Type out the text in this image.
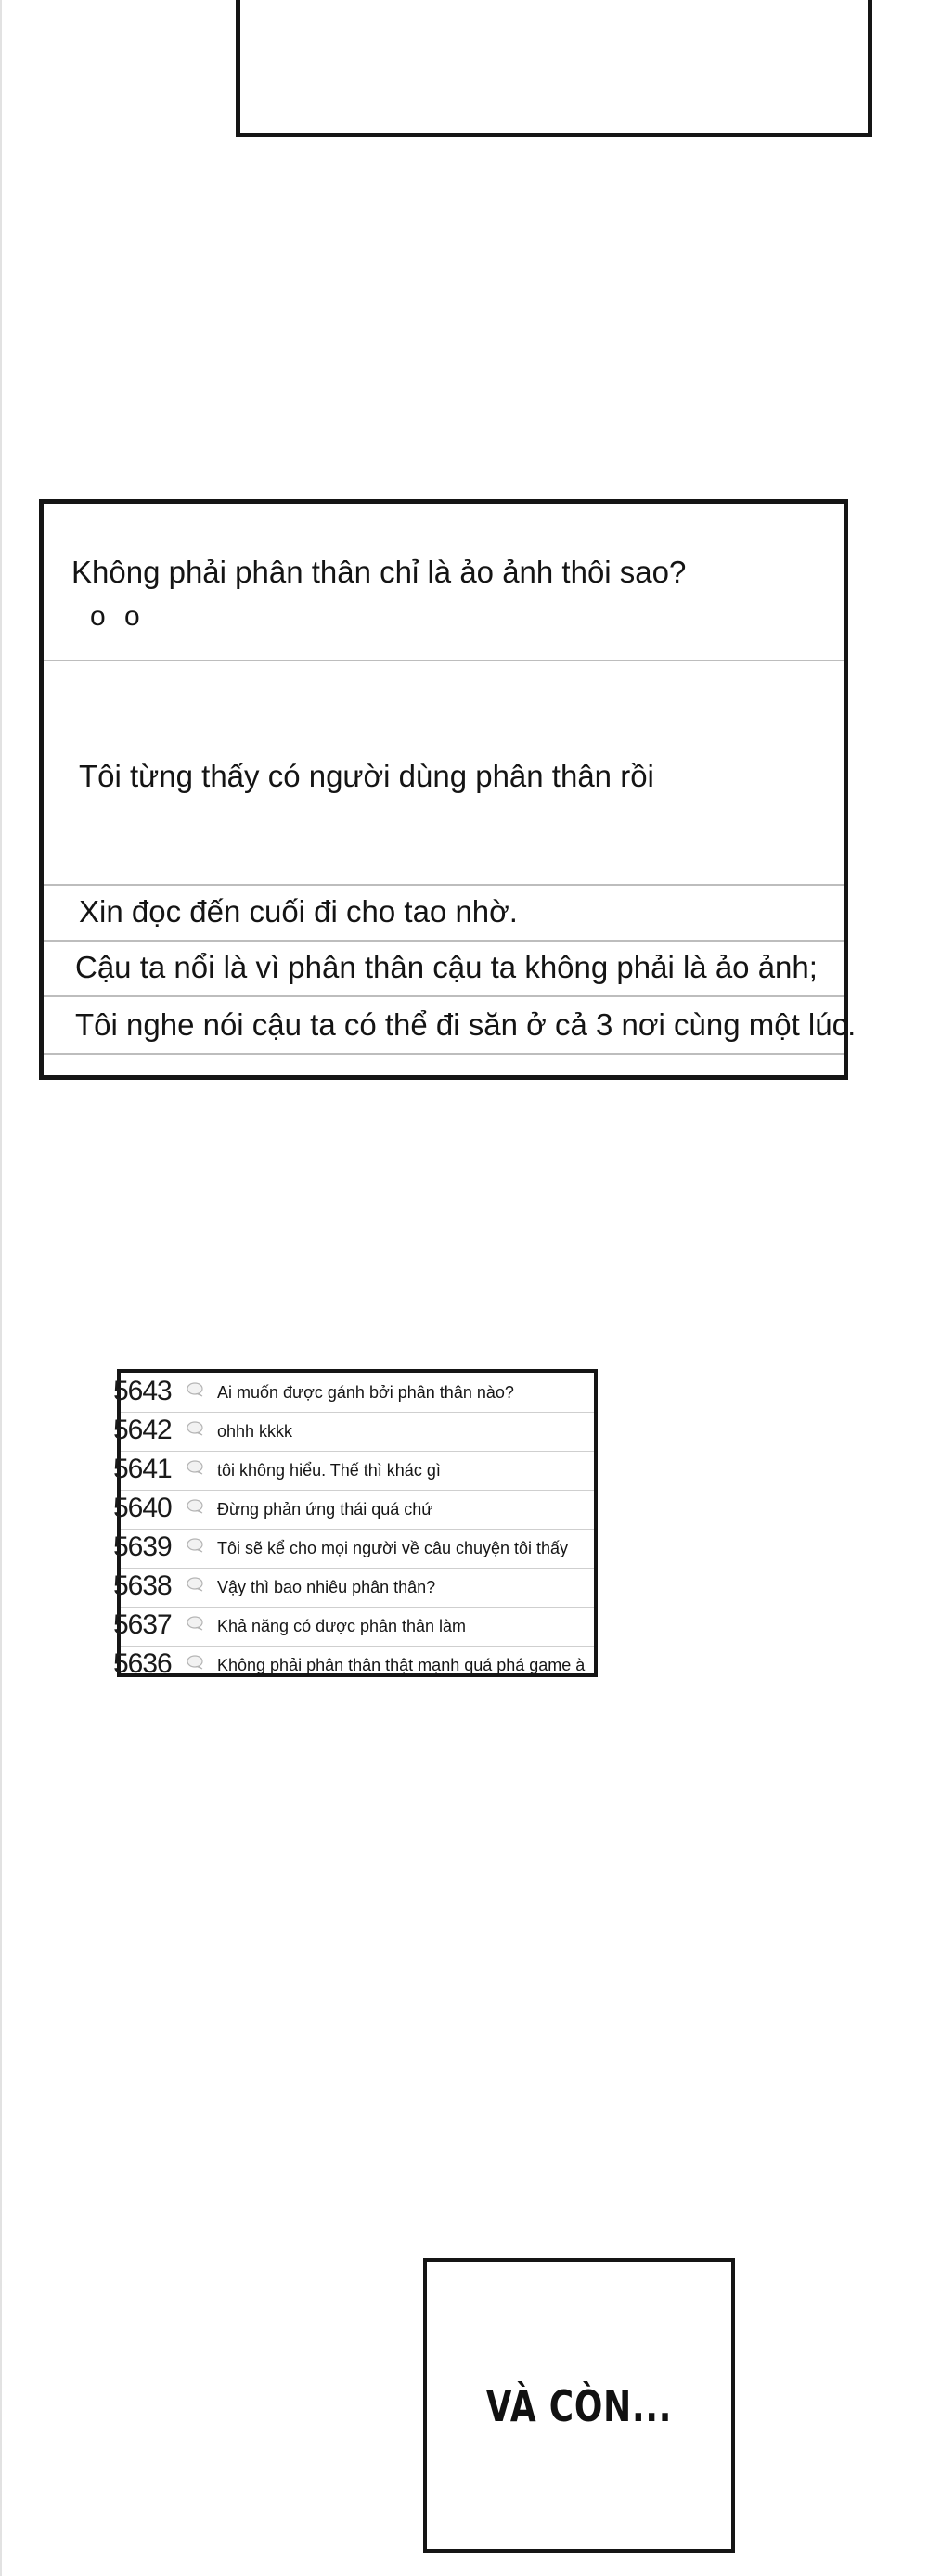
Không phải phân thân chỉ là ảo ảnh thôi sao?
o o
Tôi từng thấy có người dùng phân thân rồi
Xin đọc đến cuối đi cho tao nhờ.
Cậu ta nổi là vì phân thân cậu ta không phải là ảo ảnh;
Tôi nghe nói cậu ta có thể đi săn ở cả 3 nơi cùng một lúc.
5643	Ai muốn được gánh bởi phân thân nào?
5642	ohhh kkkk
5641	tôi không hiểu. Thế thì khác gì
5640	Đừng phản ứng thái quá chứ
5639	Tôi sẽ kể cho mọi người về câu chuyện tôi thấy
5638	Vậy thì bao nhiêu phân thân?
5637	Khả năng có được phân thân làm
5636	Không phải phân thân thật mạnh quá phá game à
VÀ CÒN...
